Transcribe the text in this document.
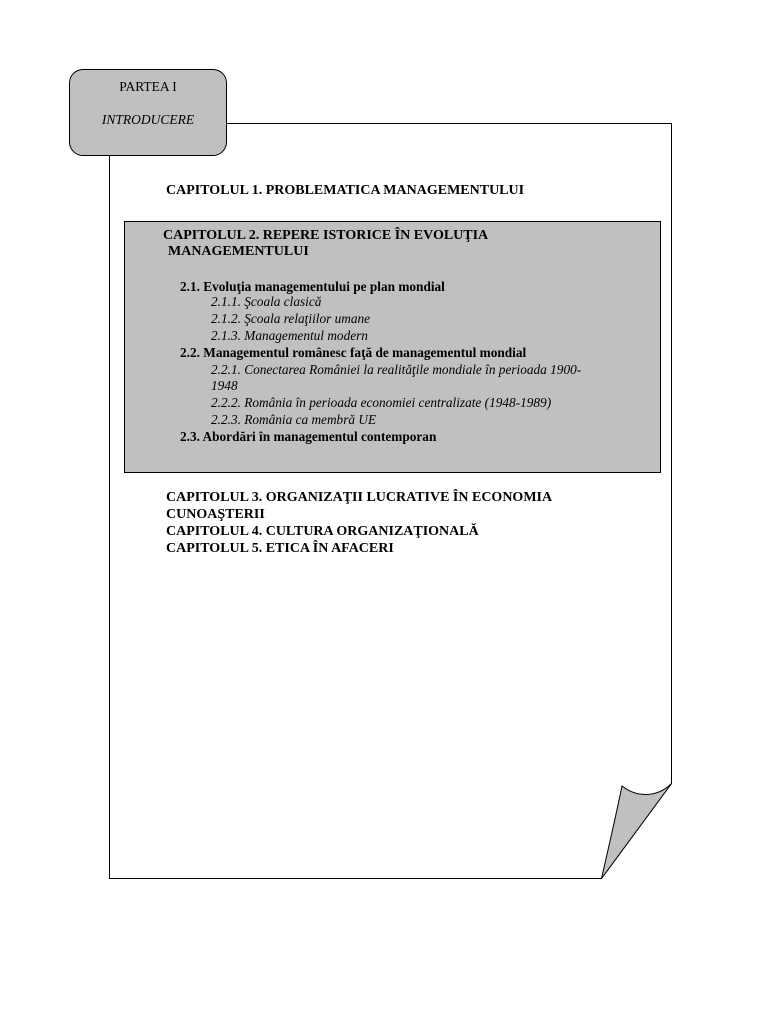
PARTEA I
INTRODUCERE
CAPITOLUL 1. PROBLEMATICA MANAGEMENTULUI
CAPITOLUL 2. REPERE ISTORICE ÎN EVOLUŢIA
MANAGEMENTULUI
2.1. Evoluţia managementului pe plan mondial
2.1.1. Şcoala clasică
2.1.2. Şcoala relaţiilor umane
2.1.3. Managementul modern
2.2. Managementul românesc faţă de managementul mondial
2.2.1. Conectarea României la realităţile mondiale în perioada 1900-
1948
2.2.2. România în perioada economiei centralizate (1948-1989)
2.2.3. România ca membră UE
2.3. Abordări în managementul contemporan
CAPITOLUL 3. ORGANIZAŢII LUCRATIVE ÎN ECONOMIA
CUNOAŞTERII
CAPITOLUL 4. CULTURA ORGANIZAŢIONALĂ
CAPITOLUL 5. ETICA ÎN AFACERI
